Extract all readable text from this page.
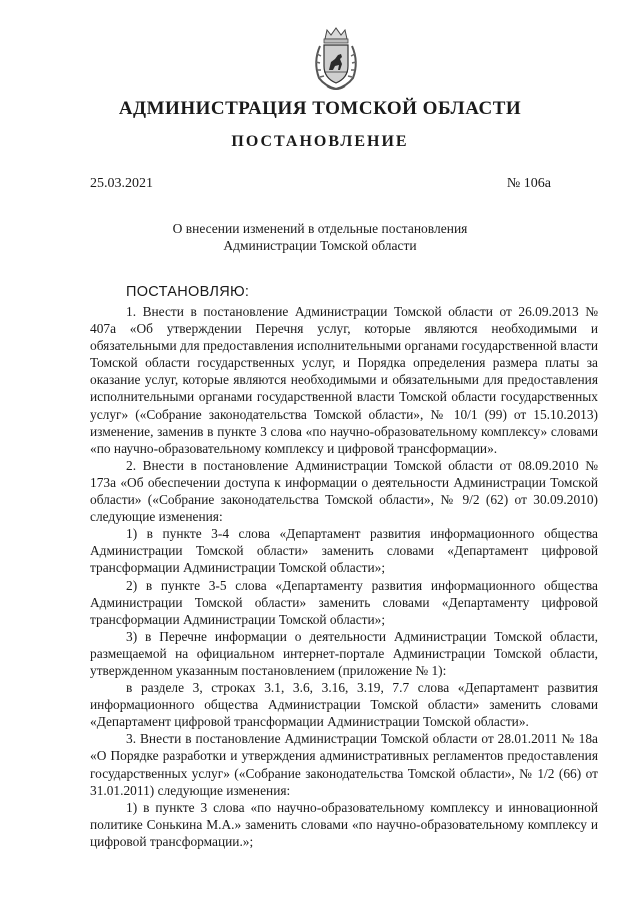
АДМИНИСТРАЦИЯ ТОМСКОЙ ОБЛАСТИ
ПОСТАНОВЛЕНИЕ
25.03.2021	№ 106а
О внесении изменений в отдельные постановления
Администрации Томской области
ПОСТАНОВЛЯЮ:

1. Внести в постановление Администрации Томской области от 26.09.2013 № 407а «Об утверждении Перечня услуг, которые являются необходимыми и обязательными для предоставления исполнительными органами государственной власти Томской области государственных услуг, и Порядка определения размера платы за оказание услуг, которые являются необходимыми и обязательными для предоставления исполнительными органами государственной власти Томской области государственных услуг» («Собрание законодательства Томской области», № 10/1 (99) от 15.10.2013) изменение, заменив в пункте 3 слова «по научно-образовательному комплексу» словами «по научно-образовательному комплексу и цифровой трансформации».

2. Внести в постановление Администрации Томской области от 08.09.2010 № 173а «Об обеспечении доступа к информации о деятельности Администрации Томской области» («Собрание законодательства Томской области», № 9/2 (62) от 30.09.2010) следующие изменения:

1) в пункте 3-4 слова «Департамент развития информационного общества Администрации Томской области» заменить словами «Департамент цифровой трансформации Администрации Томской области»;

2) в пункте 3-5 слова «Департаменту развития информационного общества Администрации Томской области» заменить словами «Департаменту цифровой трансформации Администрации Томской области»;

3) в Перечне информации о деятельности Администрации Томской области, размещаемой на официальном интернет-портале Администрации Томской области, утвержденном указанным постановлением (приложение № 1):

в разделе 3, строках 3.1, 3.6, 3.16, 3.19, 7.7 слова «Департамент развития информационного общества Администрации Томской области» заменить словами «Департамент цифровой трансформации Администрации Томской области».

3. Внести в постановление Администрации Томской области от 28.01.2011 № 18а «О Порядке разработки и утверждения административных регламентов предоставления государственных услуг» («Собрание законодательства Томской области», № 1/2 (66) от 31.01.2011) следующие изменения:

1) в пункте 3 слова «по научно-образовательному комплексу и инновационной политике Сонькина М.А.» заменить словами «по научно-образовательному комплексу и цифровой трансформации.»;
